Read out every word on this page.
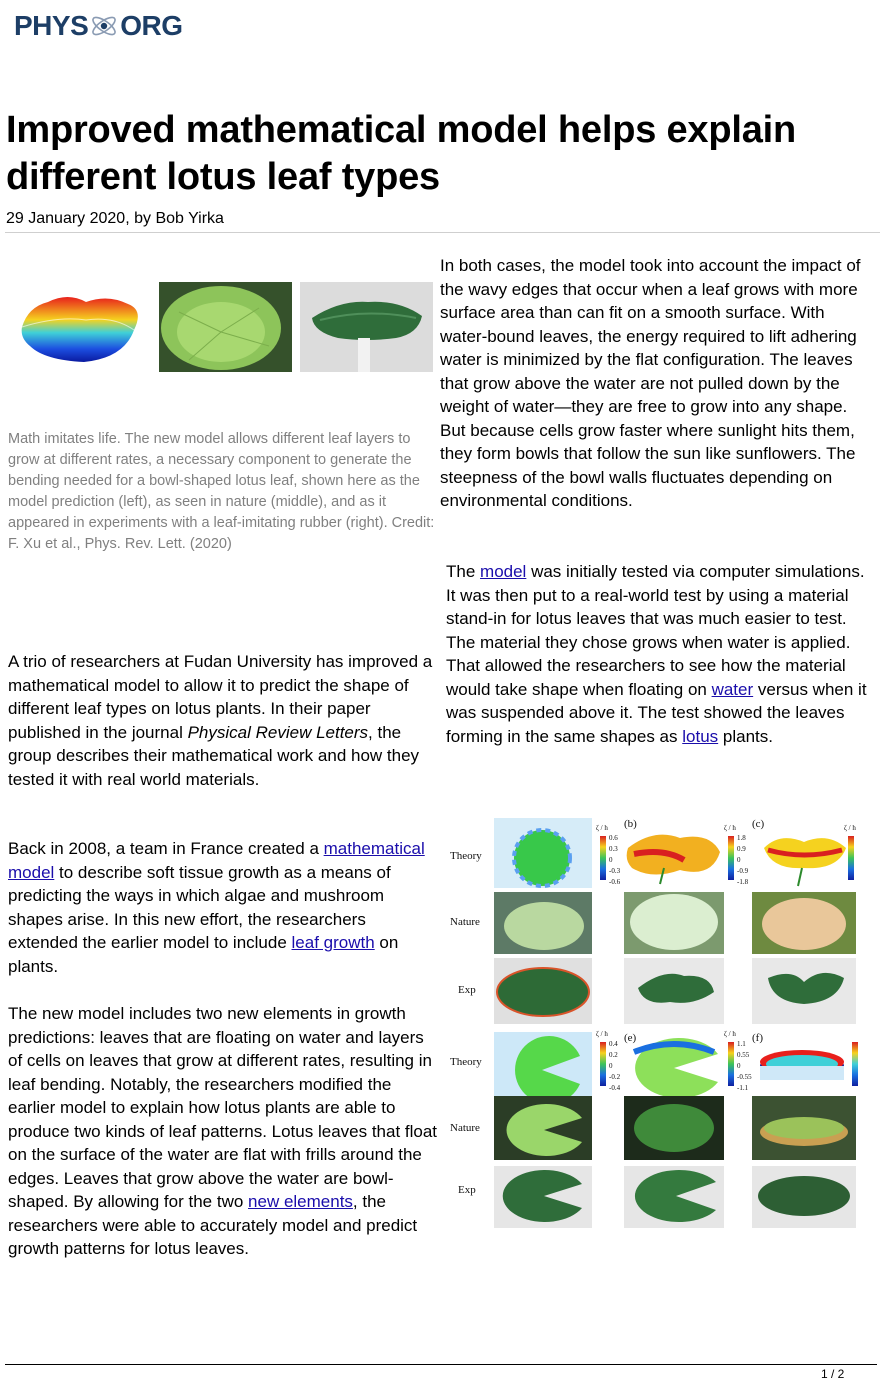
PHYS ORG
Improved mathematical model helps explain different lotus leaf types
29 January 2020, by Bob Yirka

Math imitates life. The new model allows different leaf layers to grow at different rates, a necessary component to generate the bending needed for a bowl-shaped lotus leaf, shown here as the model prediction (left), as seen in nature (middle), and as it appeared in experiments with a leaf-imitating rubber (right). Credit: F. Xu et al., Phys. Rev. Lett. (2020)

A trio of researchers at Fudan University has improved a mathematical model to allow it to predict the shape of different leaf types on lotus plants. In their paper published in the journal Physical Review Letters, the group describes their mathematical work and how they tested it with real world materials.

Back in 2008, a team in France created a mathematical model to describe soft tissue growth as a means of predicting the ways in which algae and mushroom shapes arise. In this new effort, the researchers extended the earlier model to include leaf growth on plants.

The new model includes two new elements in growth predictions: leaves that are floating on water and layers of cells on leaves that grow at different rates, resulting in leaf bending. Notably, the researchers modified the earlier model to explain how lotus plants are able to produce two kinds of leaf patterns. Lotus leaves that float on the surface of the water are flat with frills around the edges. Leaves that grow above the water are bowl-shaped. By allowing for the two new elements, the researchers were able to accurately model and predict growth patterns for lotus leaves.

In both cases, the model took into account the impact of the wavy edges that occur when a leaf grows with more surface area than can fit on a smooth surface. With water-bound leaves, the energy required to lift adhering water is minimized by the flat configuration. The leaves that grow above the water are not pulled down by the weight of water—they are free to grow into any shape. But because cells grow faster where sunlight hits them, they form bowls that follow the sun like sunflowers. The steepness of the bowl walls fluctuates depending on environmental conditions.

The model was initially tested via computer simulations. It was then put to a real-world test by using a material stand-in for lotus leaves that was much easier to test. The material they chose grows when water is applied. That allowed the researchers to see how the material would take shape when floating on water versus when it was suspended above it. The test showed the leaves forming in the same shapes as lotus plants.

Theory
Nature
Exp
Theory
Nature
Exp
(b)	(c)
(e)	(f)
ζ / h
0.6
0.3
0
-0.3
-0.6
ζ / h
1.8
0.9
0
-0.9
-1.8
ζ / h
ζ / h
0.4
0.2
0
-0.2
-0.4
ζ / h
1.1
0.55
0
-0.55
-1.1
1 / 2
